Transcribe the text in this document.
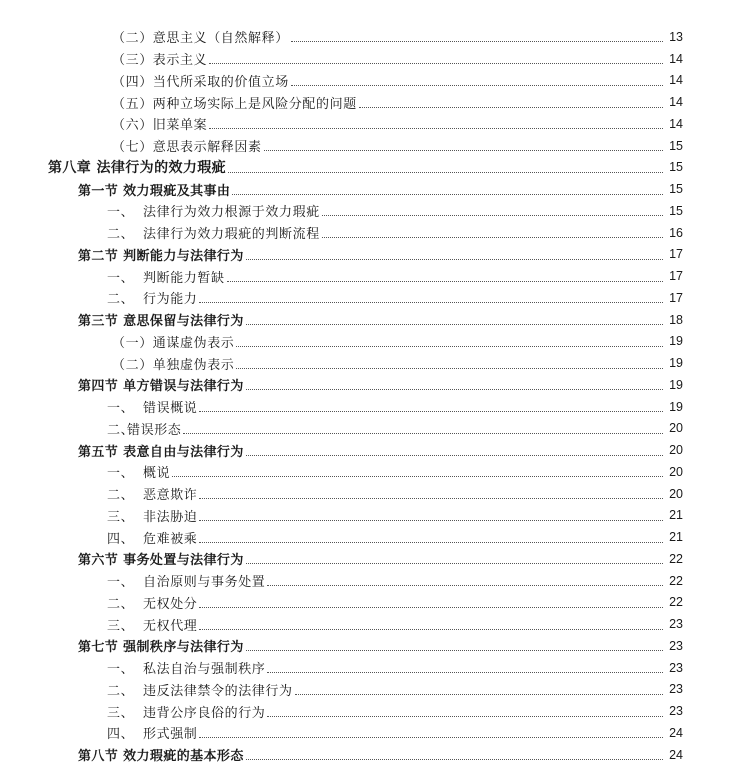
（二）意思主义（自然解释）	13
（三）表示主义	14
（四）当代所采取的价值立场	14
（五）两种立场实际上是风险分配的问题	14
（六）旧菜单案	14
（七）意思表示解释因素	15
第八章 法律行为的效力瑕疵	15
第一节 效力瑕疵及其事由	15
一、 法律行为效力根源于效力瑕疵	15
二、 法律行为效力瑕疵的判断流程	16
第二节 判断能力与法律行为	17
一、 判断能力暂缺	17
二、 行为能力	17
第三节 意思保留与法律行为	18
（一）通谋虚伪表示	19
（二）单独虚伪表示	19
第四节 单方错误与法律行为	19
一、 错误概说	19
二、错误形态	20
第五节 表意自由与法律行为	20
一、 概说	20
二、 恶意欺诈	20
三、 非法胁迫	21
四、 危难被乘	21
第六节 事务处置与法律行为	22
一、 自治原则与事务处置	22
二、 无权处分	22
三、 无权代理	23
第七节 强制秩序与法律行为	23
一、 私法自治与强制秩序	23
二、 违反法律禁令的法律行为	23
三、 违背公序良俗的行为	23
四、 形式强制	24
第八节 效力瑕疵的基本形态	24
